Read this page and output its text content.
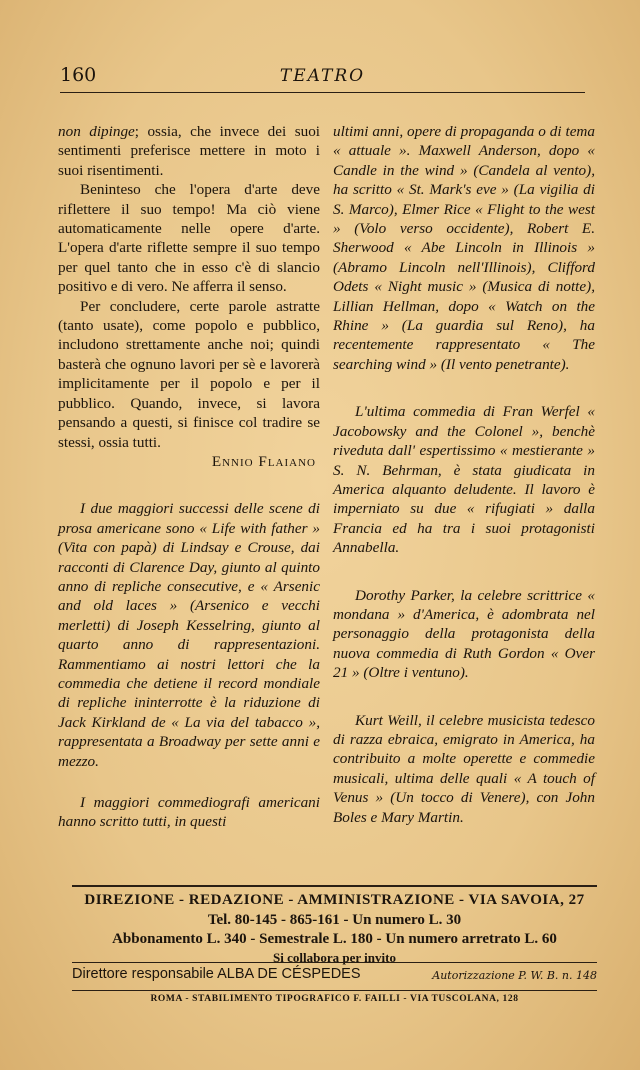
160	TEATRO

non dipinge; ossia, che invece dei suoi sentimenti preferisce mettere in moto i suoi risentimenti.

Beninteso che l'opera d'arte deve riflettere il suo tempo! Ma ciò viene automaticamente nelle opere d'arte. L'opera d'arte riflette sempre il suo tempo per quel tanto che in esso c'è di slancio positivo e di vero. Ne afferra il senso.

Per concludere, certe parole astratte (tanto usate), come popolo e pubblico, includono strettamente anche noi; quindi basterà che ognuno lavori per sè e lavorerà implicitamente per il popolo e per il pubblico. Quando, invece, si lavora pensando a questi, si finisce col tradire se stessi, ossia tutti.

Ennio Flaiano

I due maggiori successi delle scene di prosa americane sono « Life with father » (Vita con papà) di Lindsay e Crouse, dai racconti di Clarence Day, giunto al quinto anno di repliche consecutive, e « Arsenic and old laces » (Arsenico e vecchi merletti) di Joseph Kesselring, giunto al quarto anno di rappresentazioni. Rammentiamo ai nostri lettori che la commedia che detiene il record mondiale di repliche ininterrotte è la riduzione di Jack Kirkland de « La via del tabacco », rappresentata a Broadway per sette anni e mezzo.

I maggiori commediografi americani hanno scritto tutti, in questi

ultimi anni, opere di propaganda o di tema « attuale ». Maxwell Anderson, dopo « Candle in the wind » (Candela al vento), ha scritto « St. Mark's eve » (La vigilia di S. Marco), Elmer Rice « Flight to the west » (Volo verso occidente), Robert E. Sherwood « Abe Lincoln in Illinois » (Abramo Lincoln nell'Illinois), Clifford Odets « Night music » (Musica di notte), Lillian Hellman, dopo « Watch on the Rhine » (La guardia sul Reno), ha recentemente rappresentato « The searching wind » (Il vento penetrante).

L'ultima commedia di Fran Werfel « Jacobowsky and the Colonel », benchè riveduta dall' espertissimo « mestierante » S. N. Behrman, è stata giudicata in America alquanto deludente. Il lavoro è imperniato su due « rifugiati » dalla Francia ed ha tra i suoi protagonisti Annabella.

Dorothy Parker, la celebre scrittrice « mondana » d'America, è adombrata nel personaggio della protagonista della nuova commedia di Ruth Gordon « Over 21 » (Oltre i ventuno).

Kurt Weill, il celebre musicista tedesco di razza ebraica, emigrato in America, ha contribuito a molte operette e commedie musicali, ultima delle quali « A touch of Venus » (Un tocco di Venere), con John Boles e Mary Martin.

DIREZIONE - REDAZIONE - AMMINISTRAZIONE - VIA SAVOIA, 27
Tel. 80-145 - 865-161 - Un numero L. 30
Abbonamento L. 340 - Semestrale L. 180 - Un numero arretrato L. 60
Si collabora per invito
Direttore responsabile ALBA DE CÉSPEDES	Autorizzazione P. W. B. n. 148
ROMA - STABILIMENTO TIPOGRAFICO F. FAILLI - VIA TUSCOLANA, 128
